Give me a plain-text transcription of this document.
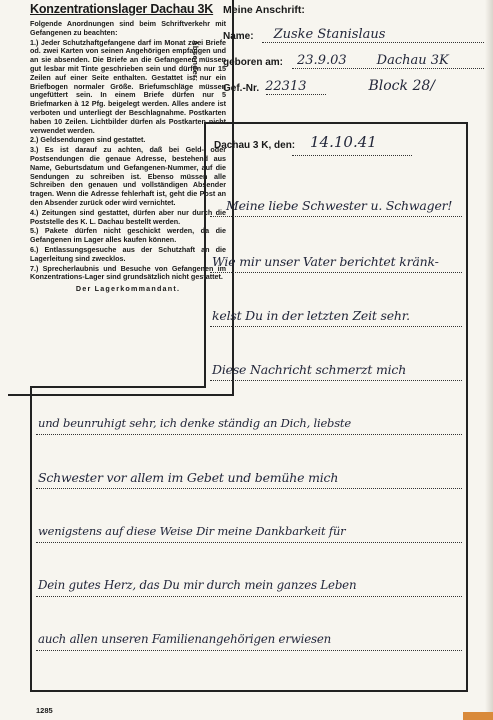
Konzentrationslager Dachau 3K
Folgende Anordnungen sind beim Schriftverkehr mit Gefangenen zu beachten:
1.) Jeder Schutzhaftgefangene darf im Monat zwei Briefe od. zwei Karten von seinen Angehörigen empfangen und an sie absenden. Die Briefe an die Gefangenen müssen gut lesbar mit Tinte geschrieben sein und dürfen nur 15 Zeilen auf einer Seite enthalten. Gestattet ist nur ein Briefbogen normaler Größe. Briefumschläge müssen ungefüttert sein. In einem Briefe dürfen nur 5 Briefmarken à 12 Pfg. beigelegt werden. Alles andere ist verboten und unterliegt der Beschlagnahme. Postkarten haben 10 Zeilen. Lichtbilder dürfen als Postkarten nicht verwendet werden.
2.) Geldsendungen sind gestattet.
3.) Es ist darauf zu achten, daß bei Geld- oder Postsendungen die genaue Adresse, bestehend aus Name, Geburtsdatum und Gefangenen-Nummer, auf die Sendungen zu schreiben ist. Ebenso müssen alle Schreiben den genauen und vollständigen Absender tragen. Wenn die Adresse fehlerhaft ist, geht die Post an den Absender zurück oder wird vernichtet.
4.) Zeitungen sind gestattet, dürfen aber nur durch die Poststelle des K. L. Dachau bestellt werden.
5.) Pakete dürfen nicht geschickt werden, da die Gefangenen im Lager alles kaufen können.
6.) Entlassungsgesuche aus der Schutzhaft an die Lagerleitung sind zwecklos.
7.) Sprecherlaubnis und Besuche von Gefangenen im Konzentrations-Lager sind grundsätzlich nicht gestattet.
Der Lagerkommandant.
Absender:
Meine Anschrift:
Name: Zuske Stanislaus
geboren am: 23.9.03 Dachau 3K
Gef.-Nr. 22313	Block 28/
Dachau 3 K, den: 14.10.41
Meine liebe Schwester u. Schwager!
Wie mir unser Vater berichtet kränk-
kelst Du in der letzten Zeit sehr.
Diese Nachricht schmerzt mich
und beunruhigt sehr, ich denke ständig an Dich, liebste
Schwester vor allem im Gebet und bemühe mich
wenigstens auf diese Weise Dir meine Dankbarkeit für
Dein gutes Herz, das Du mir durch mein ganzes Leben
auch allen unseren Familienangehörigen erwiesen
1285
